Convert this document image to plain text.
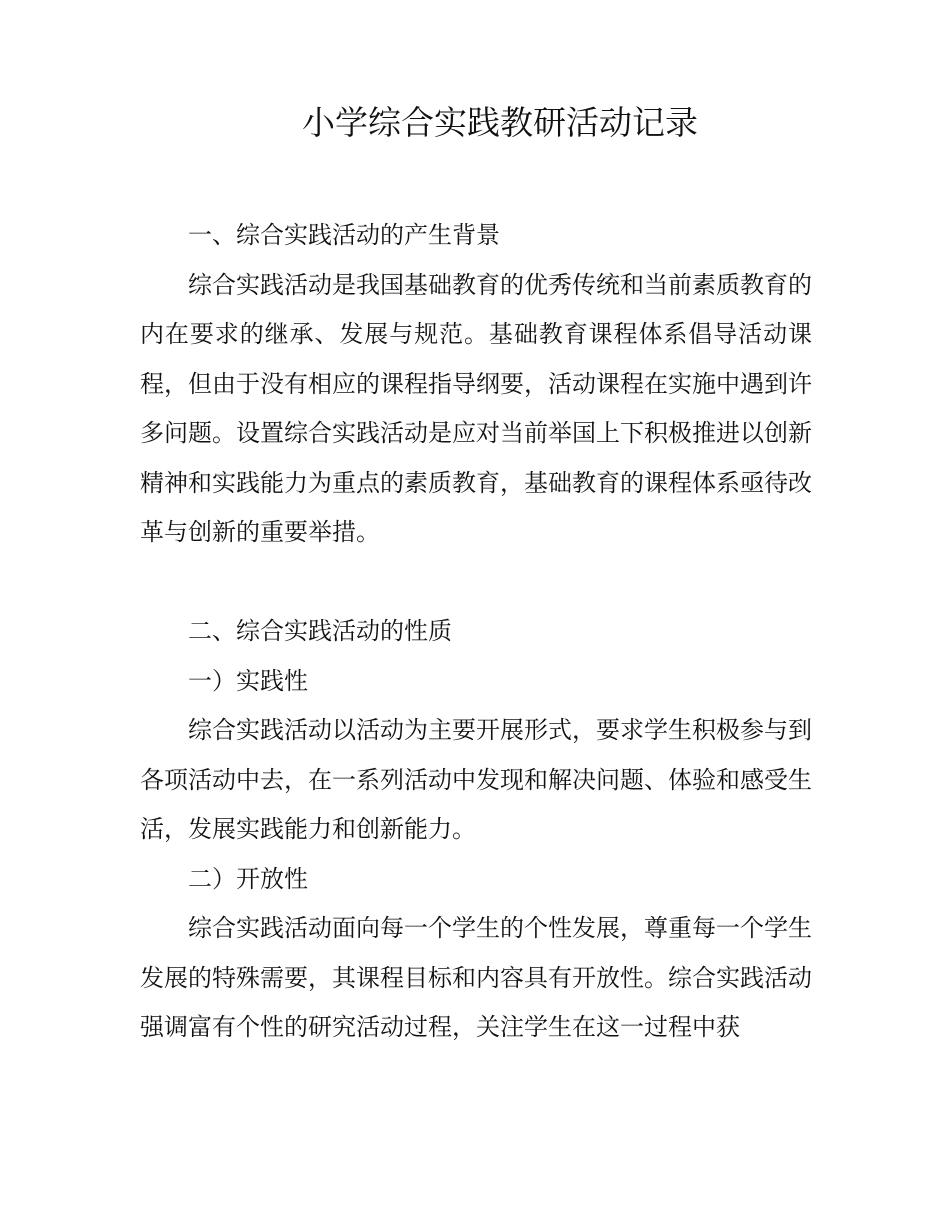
小学综合实践教研活动记录
一、综合实践活动的产生背景

综合实践活动是我国基础教育的优秀传统和当前素质教育的内在要求的继承、发展与规范。基础教育课程体系倡导活动课程，但由于没有相应的课程指导纲要，活动课程在实施中遇到许多问题。设置综合实践活动是应对当前举国上下积极推进以创新精神和实践能力为重点的素质教育，基础教育的课程体系亟待改革与创新的重要举措。

二、综合实践活动的性质
一）实践性

综合实践活动以活动为主要开展形式，要求学生积极参与到各项活动中去，在一系列活动中发现和解决问题、体验和感受生活，发展实践能力和创新能力。

二）开放性

综合实践活动面向每一个学生的个性发展，尊重每一个学生发展的特殊需要，其课程目标和内容具有开放性。综合实践活动强调富有个性的研究活动过程，关注学生在这一过程中获
